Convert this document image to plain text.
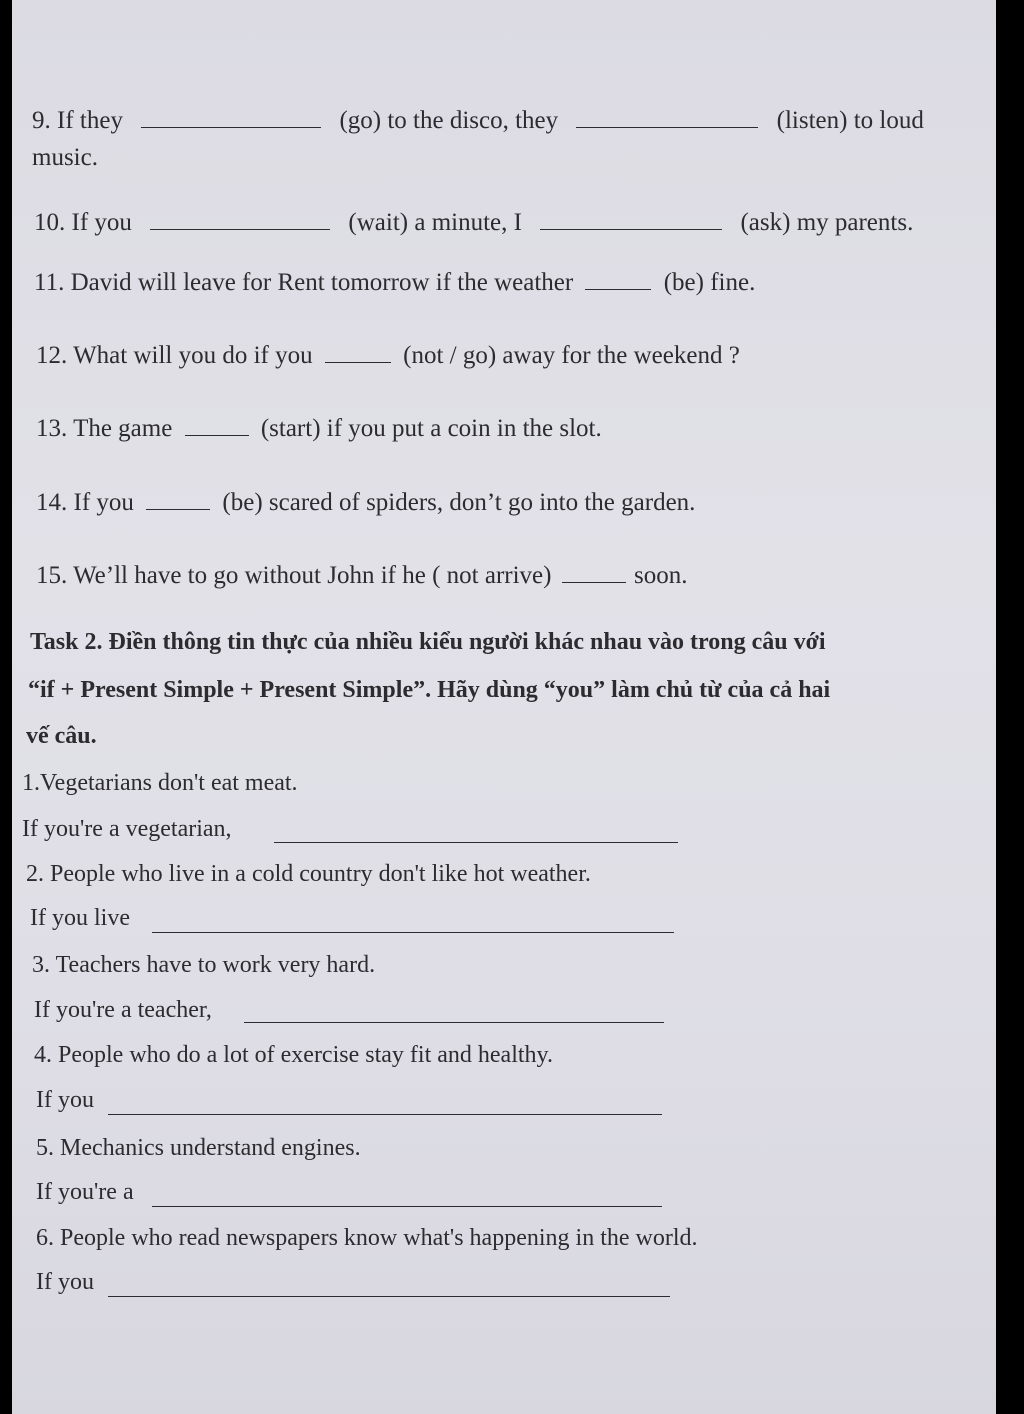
9. If they	(go) to the disco, they	(listen) to loud
music.
10. If you	(wait) a minute, I	(ask) my parents.
11. David will leave for Rent tomorrow if the weather	(be) fine.
12. What will you do if you	(not / go) away for the weekend ?
13. The game	(start) if you put a coin in the slot.
14. If you	(be) scared of spiders, don’t go into the garden.
15. We’ll have to go without John if he ( not arrive)	soon.
Task 2. Điền thông tin thực của nhiều kiểu người khác nhau vào trong câu với
“if + Present Simple + Present Simple”. Hãy dùng “you” làm chủ từ của cả hai
vế câu.
1.Vegetarians don't eat meat.
If you're a vegetarian,
2. People who live in a cold country don't like hot weather.
If you live
3. Teachers have to work very hard.
If you're a teacher,
4. People who do a lot of exercise stay fit and healthy.
If you
5. Mechanics understand engines.
If you're a
6. People who read newspapers know what's happening in the world.
If you
